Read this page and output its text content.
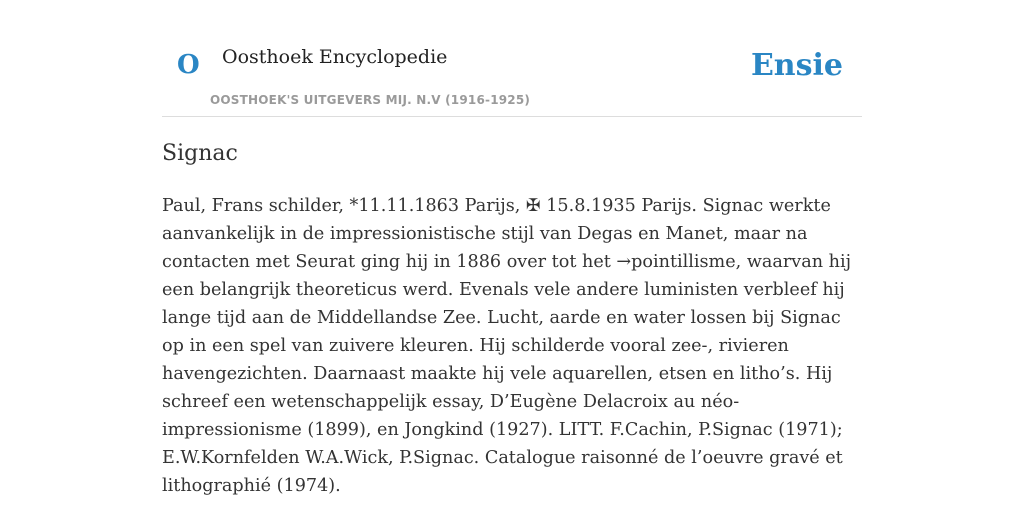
O Oosthoek Encyclopedie
OOSTHOEK'S UITGEVERS MIJ. N.V (1916-1925)
Ensie
Signac

Paul, Frans schilder, *11.11.1863 Parijs, ✠ 15.8.1935 Parijs. Signac werkte aanvankelijk in de impressionistische stijl van Degas en Manet, maar na contacten met Seurat ging hij in 1886 over tot het →pointillisme, waarvan hij een belangrijk theoreticus werd. Evenals vele andere luministen verbleef hij lange tijd aan de Middellandse Zee. Lucht, aarde en water lossen bij Signac op in een spel van zuivere kleuren. Hij schilderde vooral zee-, rivieren havengezichten. Daarnaast maakte hij vele aquarellen, etsen en litho’s. Hij schreef een wetenschappelijk essay, D’Eugène Delacroix au néo-impressionisme (1899), en Jongkind (1927). LITT. F.Cachin, P.Signac (1971); E.W.Kornfelden W.A.Wick, P.Signac. Catalogue raisonné de l’oeuvre gravé et lithographié (1974).
